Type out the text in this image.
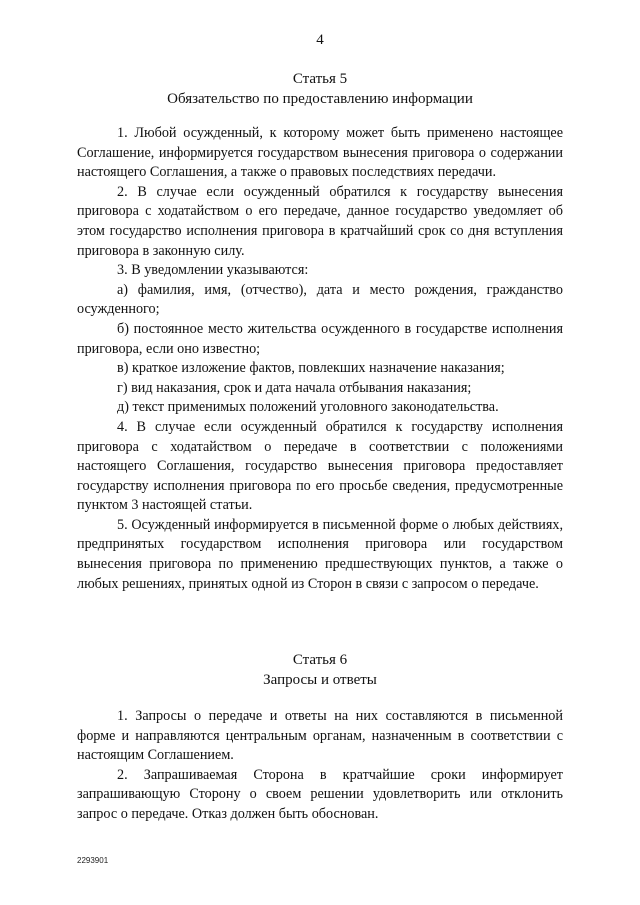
4
Статья 5
Обязательство по предоставлению информации

1. Любой осужденный, к которому может быть применено настоящее Соглашение, информируется государством вынесения приговора о содержании настоящего Соглашения, а также о правовых последствиях передачи.

2. В случае если осужденный обратился к государству вынесения приговора с ходатайством о его передаче, данное государство уведомляет об этом государство исполнения приговора в кратчайший срок со дня вступления приговора в законную силу.

3. В уведомлении указываются:

а) фамилия, имя, (отчество), дата и место рождения, гражданство осужденного;

б) постоянное место жительства осужденного в государстве исполнения приговора, если оно известно;

в) краткое изложение фактов, повлекших назначение наказания;

г) вид наказания, срок и дата начала отбывания наказания;

д) текст применимых положений уголовного законодательства.

4. В случае если осужденный обратился к государству исполнения приговора с ходатайством о передаче в соответствии с положениями настоящего Соглашения, государство вынесения приговора предоставляет государству исполнения приговора по его просьбе сведения, предусмотренные пунктом 3 настоящей статьи.

5. Осужденный информируется в письменной форме о любых действиях, предпринятых государством исполнения приговора или государством вынесения приговора по применению предшествующих пунктов, а также о любых решениях, принятых одной из Сторон в связи с запросом о передаче.

Статья 6
Запросы и ответы

1. Запросы о передаче и ответы на них составляются в письменной форме и направляются центральным органам, назначенным в соответствии с настоящим Соглашением.

2. Запрашиваемая Сторона в кратчайшие сроки информирует запрашивающую Сторону о своем решении удовлетворить или отклонить запрос о передаче. Отказ должен быть обоснован.

2293901
